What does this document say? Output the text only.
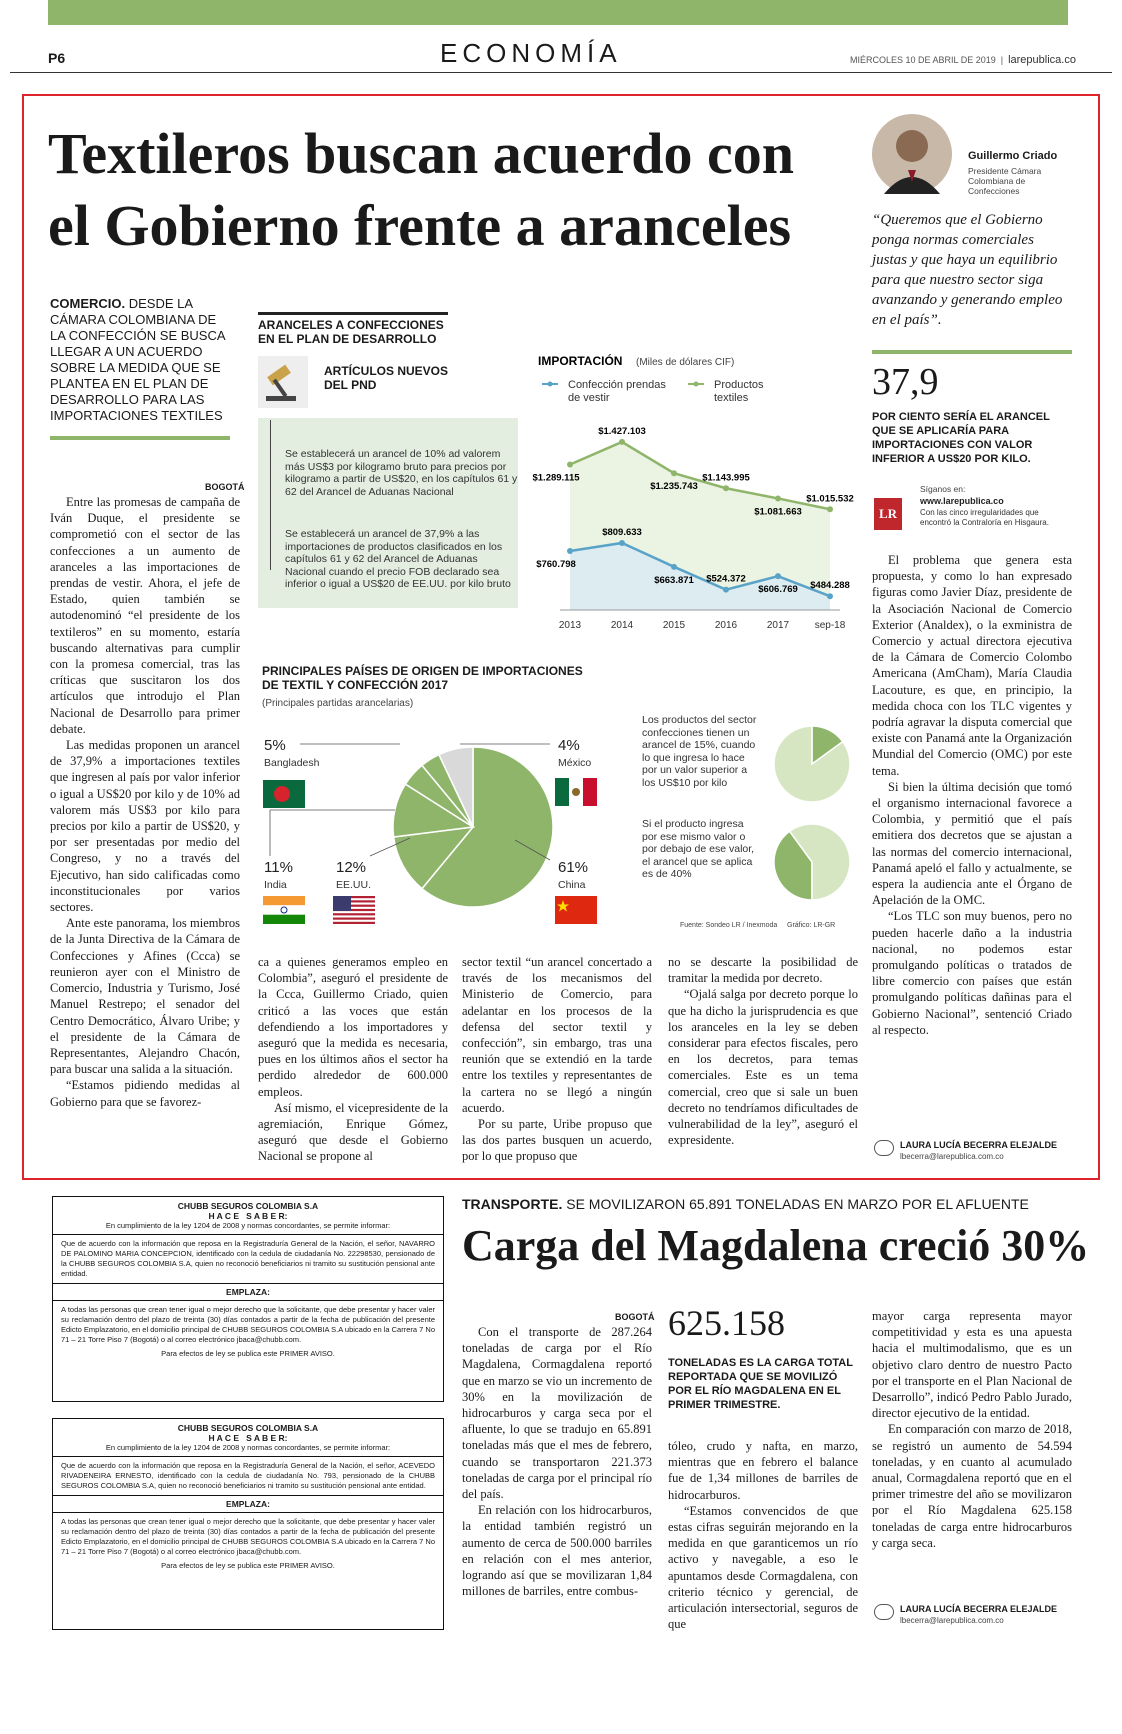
P6	ECONOMÍA	MIÉRCOLES 10 DE ABRIL DE 2019  |  larepublica.co
Textileros buscan acuerdo con el Gobierno frente a aranceles
COMERCIO. DESDE LA CÁMARA COLOMBIANA DE LA CONFECCIÓN SE BUSCA LLEGAR A UN ACUERDO SOBRE LA MEDIDA QUE SE PLANTEA EN EL PLAN DE DESARROLLO PARA LAS IMPORTACIONES TEXTILES
BOGOTÁ

Entre las promesas de campaña de Iván Duque, el presidente se comprometió con el sector de las confecciones a un aumento de aranceles a las importaciones de prendas de vestir. Ahora, el jefe de Estado, quien también se autodenominó “el presidente de los textileros” en su momento, estaría buscando alternativas para cumplir con la promesa comercial, tras las críticas que suscitaron los dos artículos que introdujo el Plan Nacional de Desarrollo para primer debate.

Las medidas proponen un arancel de 37,9% a importaciones textiles que ingresen al país por valor inferior o igual a US$20 por kilo y de 10% ad valorem más US$3 por kilo para precios por kilo a partir de US$20, y por ser presentadas por medio del Congreso, y no a través del Ejecutivo, han sido calificadas como inconstitucionales por varios sectores.

Ante este panorama, los miembros de la Junta Directiva de la Cámara de Confecciones y Afines (Ccca) se reunieron ayer con el Ministro de Comercio, Industria y Turismo, José Manuel Restrepo; el senador del Centro Democrático, Álvaro Uribe; y el presidente de la Cámara de Representantes, Alejandro Chacón, para buscar una salida a la situación.

“Estamos pidiendo medidas al Gobierno para que se favorez-

ARANCELES A CONFECCIONES EN EL PLAN DE DESARROLLO
ARTÍCULOS NUEVOS DEL PND
Se establecerá un arancel de 10% ad valorem más US$3 por kilogramo bruto para precios por kilogramo a partir de US$20, en los capítulos 61 y 62 del Arancel de Aduanas Nacional
Se establecerá un arancel de 37,9% a las importaciones de productos clasificados en los capítulos 61 y 62 del Arancel de Aduanas Nacional cuando el precio FOB declarado sea inferior o igual a US$20 de EE.UU. por kilo bruto
IMPORTACIÓN (Miles de dólares CIF)
Confección prendas
de vestir
Productos
textiles
$1.289.115
$1.427.103
$1.235.743
$1.143.995
$1.081.663
$1.015.532
$760.798
$809.633
$663.871 $524.372
$606.769 $484.288
2013	2014	2015	2016	2017	sep-18
PRINCIPALES PAÍSES DE ORIGEN DE IMPORTACIONES DE TEXTIL Y CONFECCIÓN 2017
(Principales partidas arancelarias)
61%
China
12%
EE.UU.
11%
India
5%
Bangladesh
4%
México
Los productos del sector confecciones tienen un arancel de 15%, cuando lo que ingresa lo hace por un valor superior a los US$10 por kilo
Si el producto ingresa por ese mismo valor o por debajo de ese valor, el arancel que se aplica es de 40%
Fuente: Sondeo LR / Inexmoda     Gráfico: LR-GR

ca a quienes generamos empleo en Colombia”, aseguró el presidente de la Ccca, Guillermo Criado, quien criticó a las voces que están defendiendo a los importadores y aseguró que la medida es necesaria, pues en los últimos años el sector ha perdido alrededor de 600.000 empleos.

Así mismo, el vicepresidente de la agremiación, Enrique Gómez, aseguró que desde el Gobierno Nacional se propone al

sector textil “un arancel concertado a través de los mecanismos del Ministerio de Comercio, para adelantar en los procesos de la defensa del sector textil y confección”, sin embargo, tras una reunión que se extendió en la tarde entre los textiles y representantes de la cartera no se llegó a ningún acuerdo.

Por su parte, Uribe propuso que las dos partes busquen un acuerdo, por lo que propuso que

no se descarte la posibilidad de tramitar la medida por decreto.

“Ojalá salga por decreto porque lo que ha dicho la jurisprudencia es que los aranceles en la ley se deben considerar para efectos fiscales, pero en los decretos, para temas comerciales. Este es un tema comercial, creo que si sale un buen decreto no tendríamos dificultades de vulnerabilidad de la ley”, aseguró el expresidente.

Guillermo Criado
Presidente Cámara Colombiana de Confecciones
“Queremos que el Gobierno ponga normas comerciales justas y que haya un equilibrio para que nuestro sector siga avanzando y generando empleo en el país”.
37,9
POR CIENTO SERÍA EL ARANCEL QUE SE APLICARÍA PARA IMPORTACIONES CON VALOR INFERIOR A US$20 POR KILO.
Síganos en:
LR
www.larepublica.co
Con las cinco irregularidades que encontró la Contraloría en Hisgaura.

El problema que genera esta propuesta, y como lo han expresado figuras como Javier Díaz, presidente de la Asociación Nacional de Comercio Exterior (Analdex), o la exministra de Comercio y actual directora ejecutiva de la Cámara de Comercio Colombo Americana (AmCham), María Claudia Lacouture, es que, en principio, la medida choca con los TLC vigentes y podría agravar la disputa comercial que existe con Panamá ante la Organización Mundial del Comercio (OMC) por este tema.

Si bien la última decisión que tomó el organismo internacional favorece a Colombia, y permitió que el país emitiera dos decretos que se ajustan a las normas del comercio internacional, Panamá apeló el fallo y actualmente, se espera la audiencia ante el Órgano de Apelación de la OMC.

“Los TLC son muy buenos, pero no pueden hacerle daño a la industria nacional, no podemos estar promulgando políticas o tratados de libre comercio con países que están promulgando políticas dañinas para el Gobierno Nacional”, sentenció Criado al respecto.

LAURA LUCÍA BECERRA ELEJALDE
lbecerra@larepublica.com.co
CHUBB SEGUROS COLOMBIA S.A
H A C E   S A B E R:
En cumplimiento de la ley 1204 de 2008 y normas concordantes, se permite informar:

Que de acuerdo con la información que reposa en la Registraduría General de la Nación, el señor, NAVARRO DE PALOMINO MARIA CONCEPCION, identificado con la cedula de ciudadanía No. 22298530, pensionado de la CHUBB SEGUROS COLOMBIA S.A, quien no reconoció beneficiarios ni tramito su sustitución pensional ante entidad.

EMPLAZA:

A todas las personas que crean tener igual o mejor derecho que la solicitante, que debe presentar y hacer valer su reclamación dentro del plazo de treinta (30) días contados a partir de la fecha de publicación del presente Edicto Emplazatorio, en el domicilio principal de CHUBB SEGUROS COLOMBIA S.A ubicado en la Carrera 7 No 71 – 21 Torre Piso 7 (Bogotá) o al correo electrónico jbaca@chubb.com.

Para efectos de ley se publica este PRIMER AVISO.
CHUBB SEGUROS COLOMBIA S.A
H A C E   S A B E R:
En cumplimiento de la ley 1204 de 2008 y normas concordantes, se permite informar:

Que de acuerdo con la información que reposa en la Registraduría General de la Nación, el señor, ACEVEDO RIVADENEIRA ERNESTO, identificado con la cedula de ciudadanía No. 793, pensionado de la CHUBB SEGUROS COLOMBIA S.A, quien no reconoció beneficiarios ni tramito su sustitución pensional ante entidad.

EMPLAZA:

A todas las personas que crean tener igual o mejor derecho que la solicitante, que debe presentar y hacer valer su reclamación dentro del plazo de treinta (30) días contados a partir de la fecha de publicación del presente Edicto Emplazatorio, en el domicilio principal de CHUBB SEGUROS COLOMBIA S.A ubicado en la Carrera 7 No 71 – 21 Torre Piso 7 (Bogotá) o al correo electrónico jbaca@chubb.com.

Para efectos de ley se publica este PRIMER AVISO.
TRANSPORTE. SE MOVILIZARON 65.891 TONELADAS EN MARZO POR EL AFLUENTE
Carga del Magdalena creció 30%
BOGOTÁ

Con el transporte de 287.264 toneladas de carga por el Río Magdalena, Cormagdalena reportó que en marzo se vio un incremento de 30% en la movilización de hidrocarburos y carga seca por el afluente, lo que se tradujo en 65.891 toneladas más que el mes de febrero, cuando se transportaron 221.373 toneladas de carga por el principal río del país.

En relación con los hidrocarburos, la entidad también registró un aumento de cerca de 500.000 barriles en relación con el mes anterior, logrando así que se movilizaran 1,84 millones de barriles, entre combus-

625.158
TONELADAS ES LA CARGA TOTAL REPORTADA QUE SE MOVILIZÓ POR EL RÍO MAGDALENA EN EL PRIMER TRIMESTRE.

tóleo, crudo y nafta, en marzo, mientras que en febrero el balance fue de 1,34 millones de barriles de hidrocarburos.

“Estamos convencidos de que estas cifras seguirán mejorando en la medida en que garanticemos un río activo y navegable, a eso le apuntamos desde Cormagdalena, con criterio técnico y gerencial, de articulación intersectorial, seguros de que

mayor carga representa mayor competitividad y esta es una apuesta hacia el multimodalismo, que es un objetivo claro dentro de nuestro Pacto por el transporte en el Plan Nacional de Desarrollo”, indicó Pedro Pablo Jurado, director ejecutivo de la entidad.

En comparación con marzo de 2018, se registró un aumento de 54.594 toneladas, y en cuanto al acumulado anual, Cormagdalena reportó que en el primer trimestre del año se movilizaron por el Río Magdalena 625.158 toneladas de carga entre hidrocarburos y carga seca.

LAURA LUCÍA BECERRA ELEJALDE
lbecerra@larepublica.com.co
